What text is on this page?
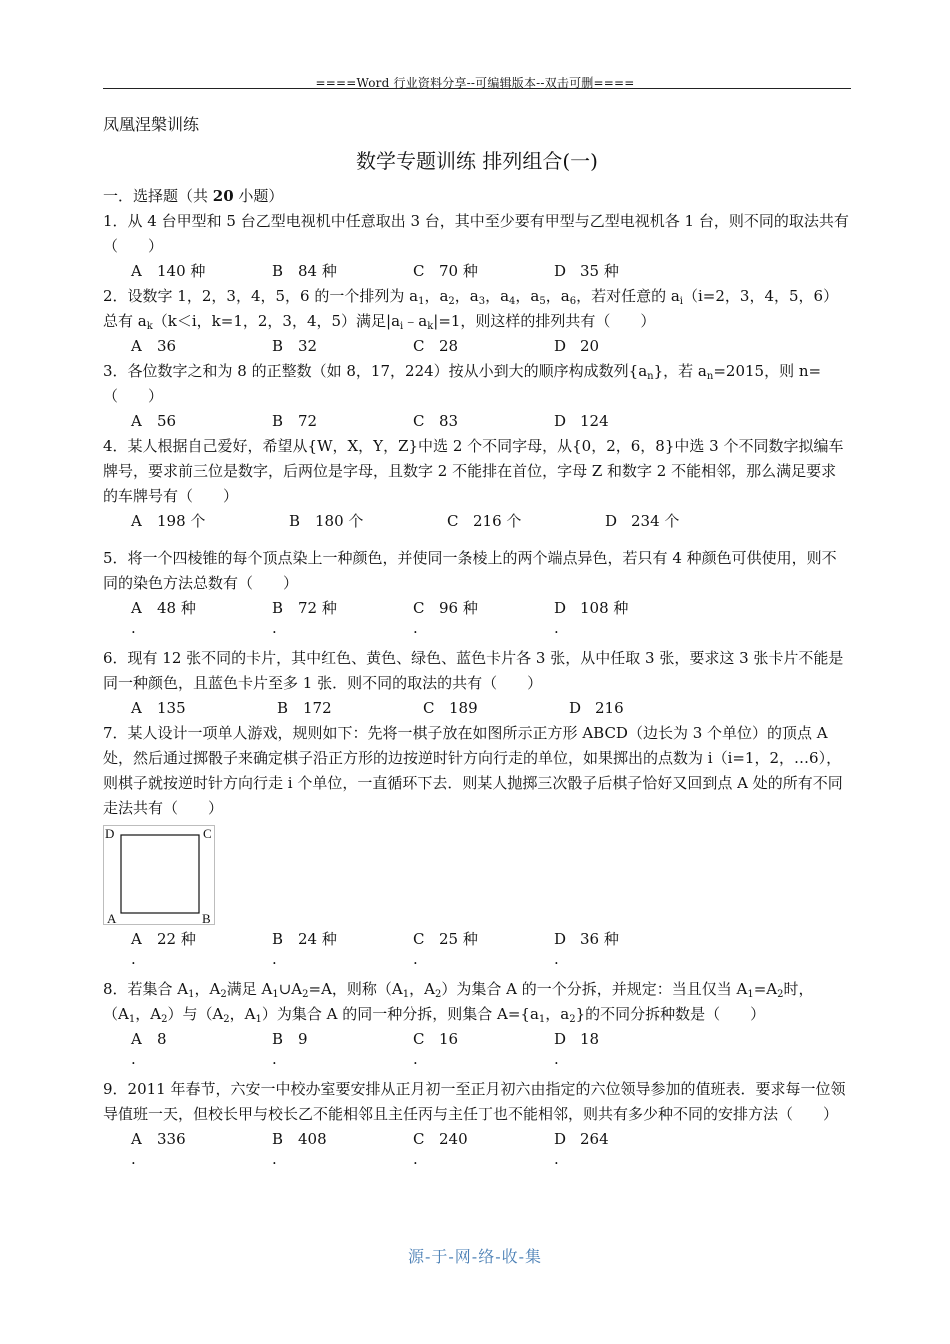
====Word 行业资料分享--可编辑版本--双击可删====
凤凰涅槃训练
数学专题训练 排列组合(一)
一．选择题（共 20 小题）
1．从 4 台甲型和 5 台乙型电视机中任意取出 3 台，其中至少要有甲型与乙型电视机各 1 台，则不同的取法共有（　　）
A 140 种	B 84 种	C 70 种	D 35 种
2．设数字 1，2，3，4，5，6 的一个排列为 $a_1$，$a_2$，$a_3$，$a_4$，$a_5$，$a_6$，若对任意的 $a_i(i=2$，3，4，5，6）总有 $a_k(k<i$，k=1，2，3，4，5）满足$|a_i﹣a_k|=1$，则这样的排列共有（　　）
A 36	B 32	C 28	D 20
3．各位数字之和为 8 的正整数（如 8，17，224）按从小到大的顺序构成数列$\{a_n\}$，若 $a_n=2015$，则 n=（　　）
A 56	B 72	C 83	D 124
4．某人根据自己爱好，希望从{W，X，Y，Z}中选 2 个不同字母，从{0，2，6，8}中选 3 个不同数字拟编车牌号，要求前三位是数字，后两位是字母，且数字 2 不能排在首位，字母 Z 和数字 2 不能相邻，那么满足要求的车牌号有（　　）
A 198 个	B 180 个	C 216 个	D 234 个
5．将一个四棱锥的每个顶点染上一种颜色，并使同一条棱上的两个端点异色，若只有 4 种颜色可供使用，则不同的染色方法总数有（　　）
A 48 种	B 72 种	C 96 种	D 108 种
.	.	.	.
6．现有 12 张不同的卡片，其中红色、黄色、绿色、蓝色卡片各 3 张，从中任取 3 张，要求这 3 张卡片不能是同一种颜色，且蓝色卡片至多 1 张．则不同的取法的共有（　　）
A 135	B 172	C 189	D 216
7．某人设计一项单人游戏，规则如下：先将一棋子放在如图所示正方形 ABCD（边长为 3 个单位）的顶点 A 处，然后通过掷骰子来确定棋子沿正方形的边按逆时针方向行走的单位，如果掷出的点数为 i（i=1，2，…6），则棋子就按逆时针方向行走 i 个单位，一直循环下去．则某人抛掷三次骰子后棋子恰好又回到点 A 处的所有不同走法共有（　　）
D	C
A	B
A 22 种	B 24 种	C 25 种	D 36 种
.	.	.	.
8．若集合 $A_1$，$A_2$满足 $A_1\cup A_2=A$，则称（$A_1$，$A_2$）为集合 A 的一个分拆，并规定：当且仅当 $A_1=A_2$时，（$A_1$，$A_2$）与（$A_2$，$A_1$）为集合 A 的同一种分拆，则集合 $A=\{a_1$，$a_2$}的不同分拆种数是（　　）
A 8	B 9	C 16	D 18
.	.	.	.
9．2011 年春节，六安一中校办室要安排从正月初一至正月初六由指定的六位领导参加的值班表．要求每一位领导值班一天，但校长甲与校长乙不能相邻且主任丙与主任丁也不能相邻，则共有多少种不同的安排方法（　　）
A 336	B 408	C 240	D 264
.	.	.	.
源-于-网-络-收-集
